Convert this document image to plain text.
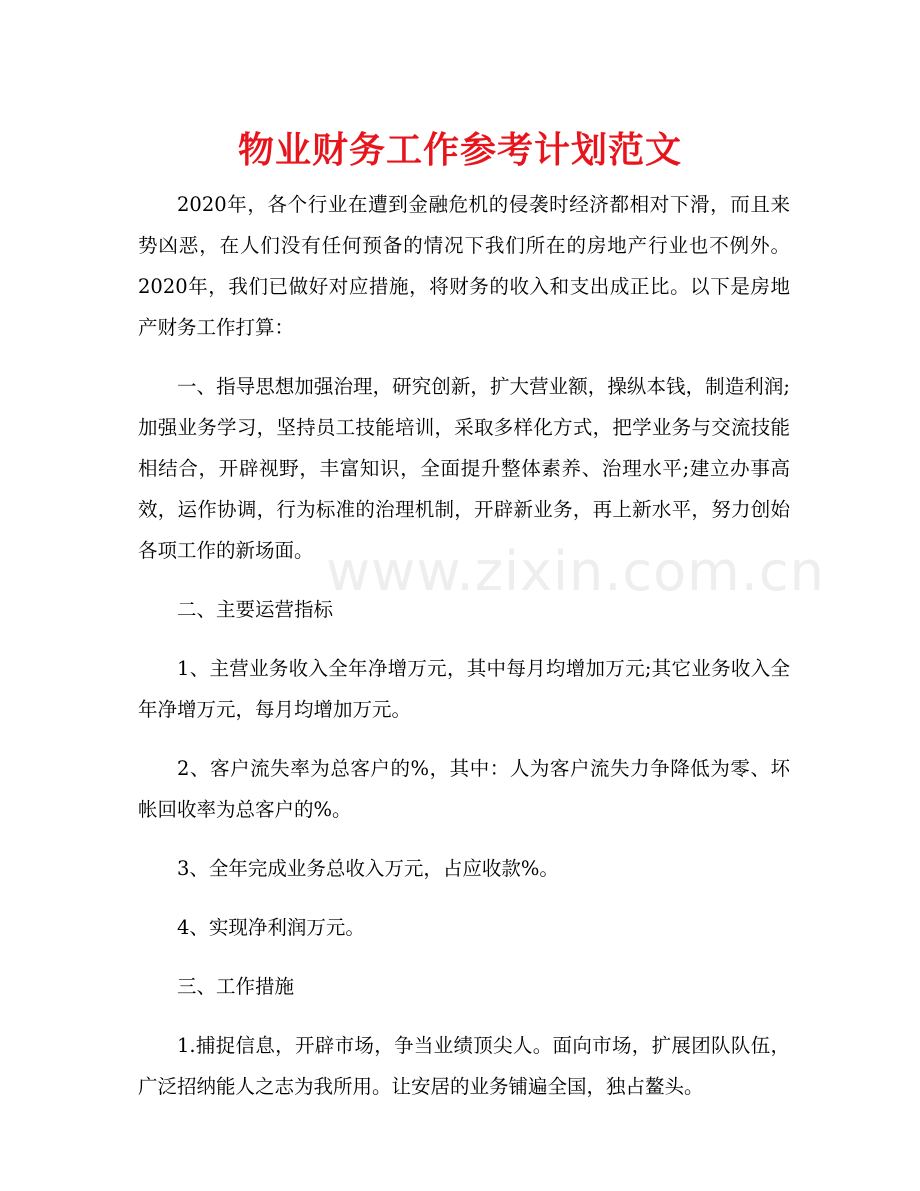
www.zixin.com.cn
物业财务工作参考计划范文

2020年，各个行业在遭到金融危机的侵袭时经济都相对下滑，而且来势凶恶，在人们没有任何预备的情况下我们所在的房地产行业也不例外。2020年，我们已做好对应措施，将财务的收入和支出成正比。以下是房地产财务工作打算：

一、指导思想加强治理，研究创新，扩大营业额，操纵本钱，制造利润;加强业务学习，坚持员工技能培训，采取多样化方式，把学业务与交流技能相结合，开辟视野，丰富知识，全面提升整体素养、治理水平;建立办事高效，运作协调，行为标准的治理机制，开辟新业务，再上新水平，努力创始各项工作的新场面。

二、主要运营指标

1、主营业务收入全年净增万元，其中每月均增加万元;其它业务收入全年净增万元，每月均增加万元。

2、客户流失率为总客户的%，其中：人为客户流失力争降低为零、坏帐回收率为总客户的%。

3、全年完成业务总收入万元，占应收款%。

4、实现净利润万元。

三、工作措施

1.捕捉信息，开辟市场，争当业绩顶尖人。面向市场，扩展团队队伍，广泛招纳能人之志为我所用。让安居的业务铺遍全国，独占鳌头。
